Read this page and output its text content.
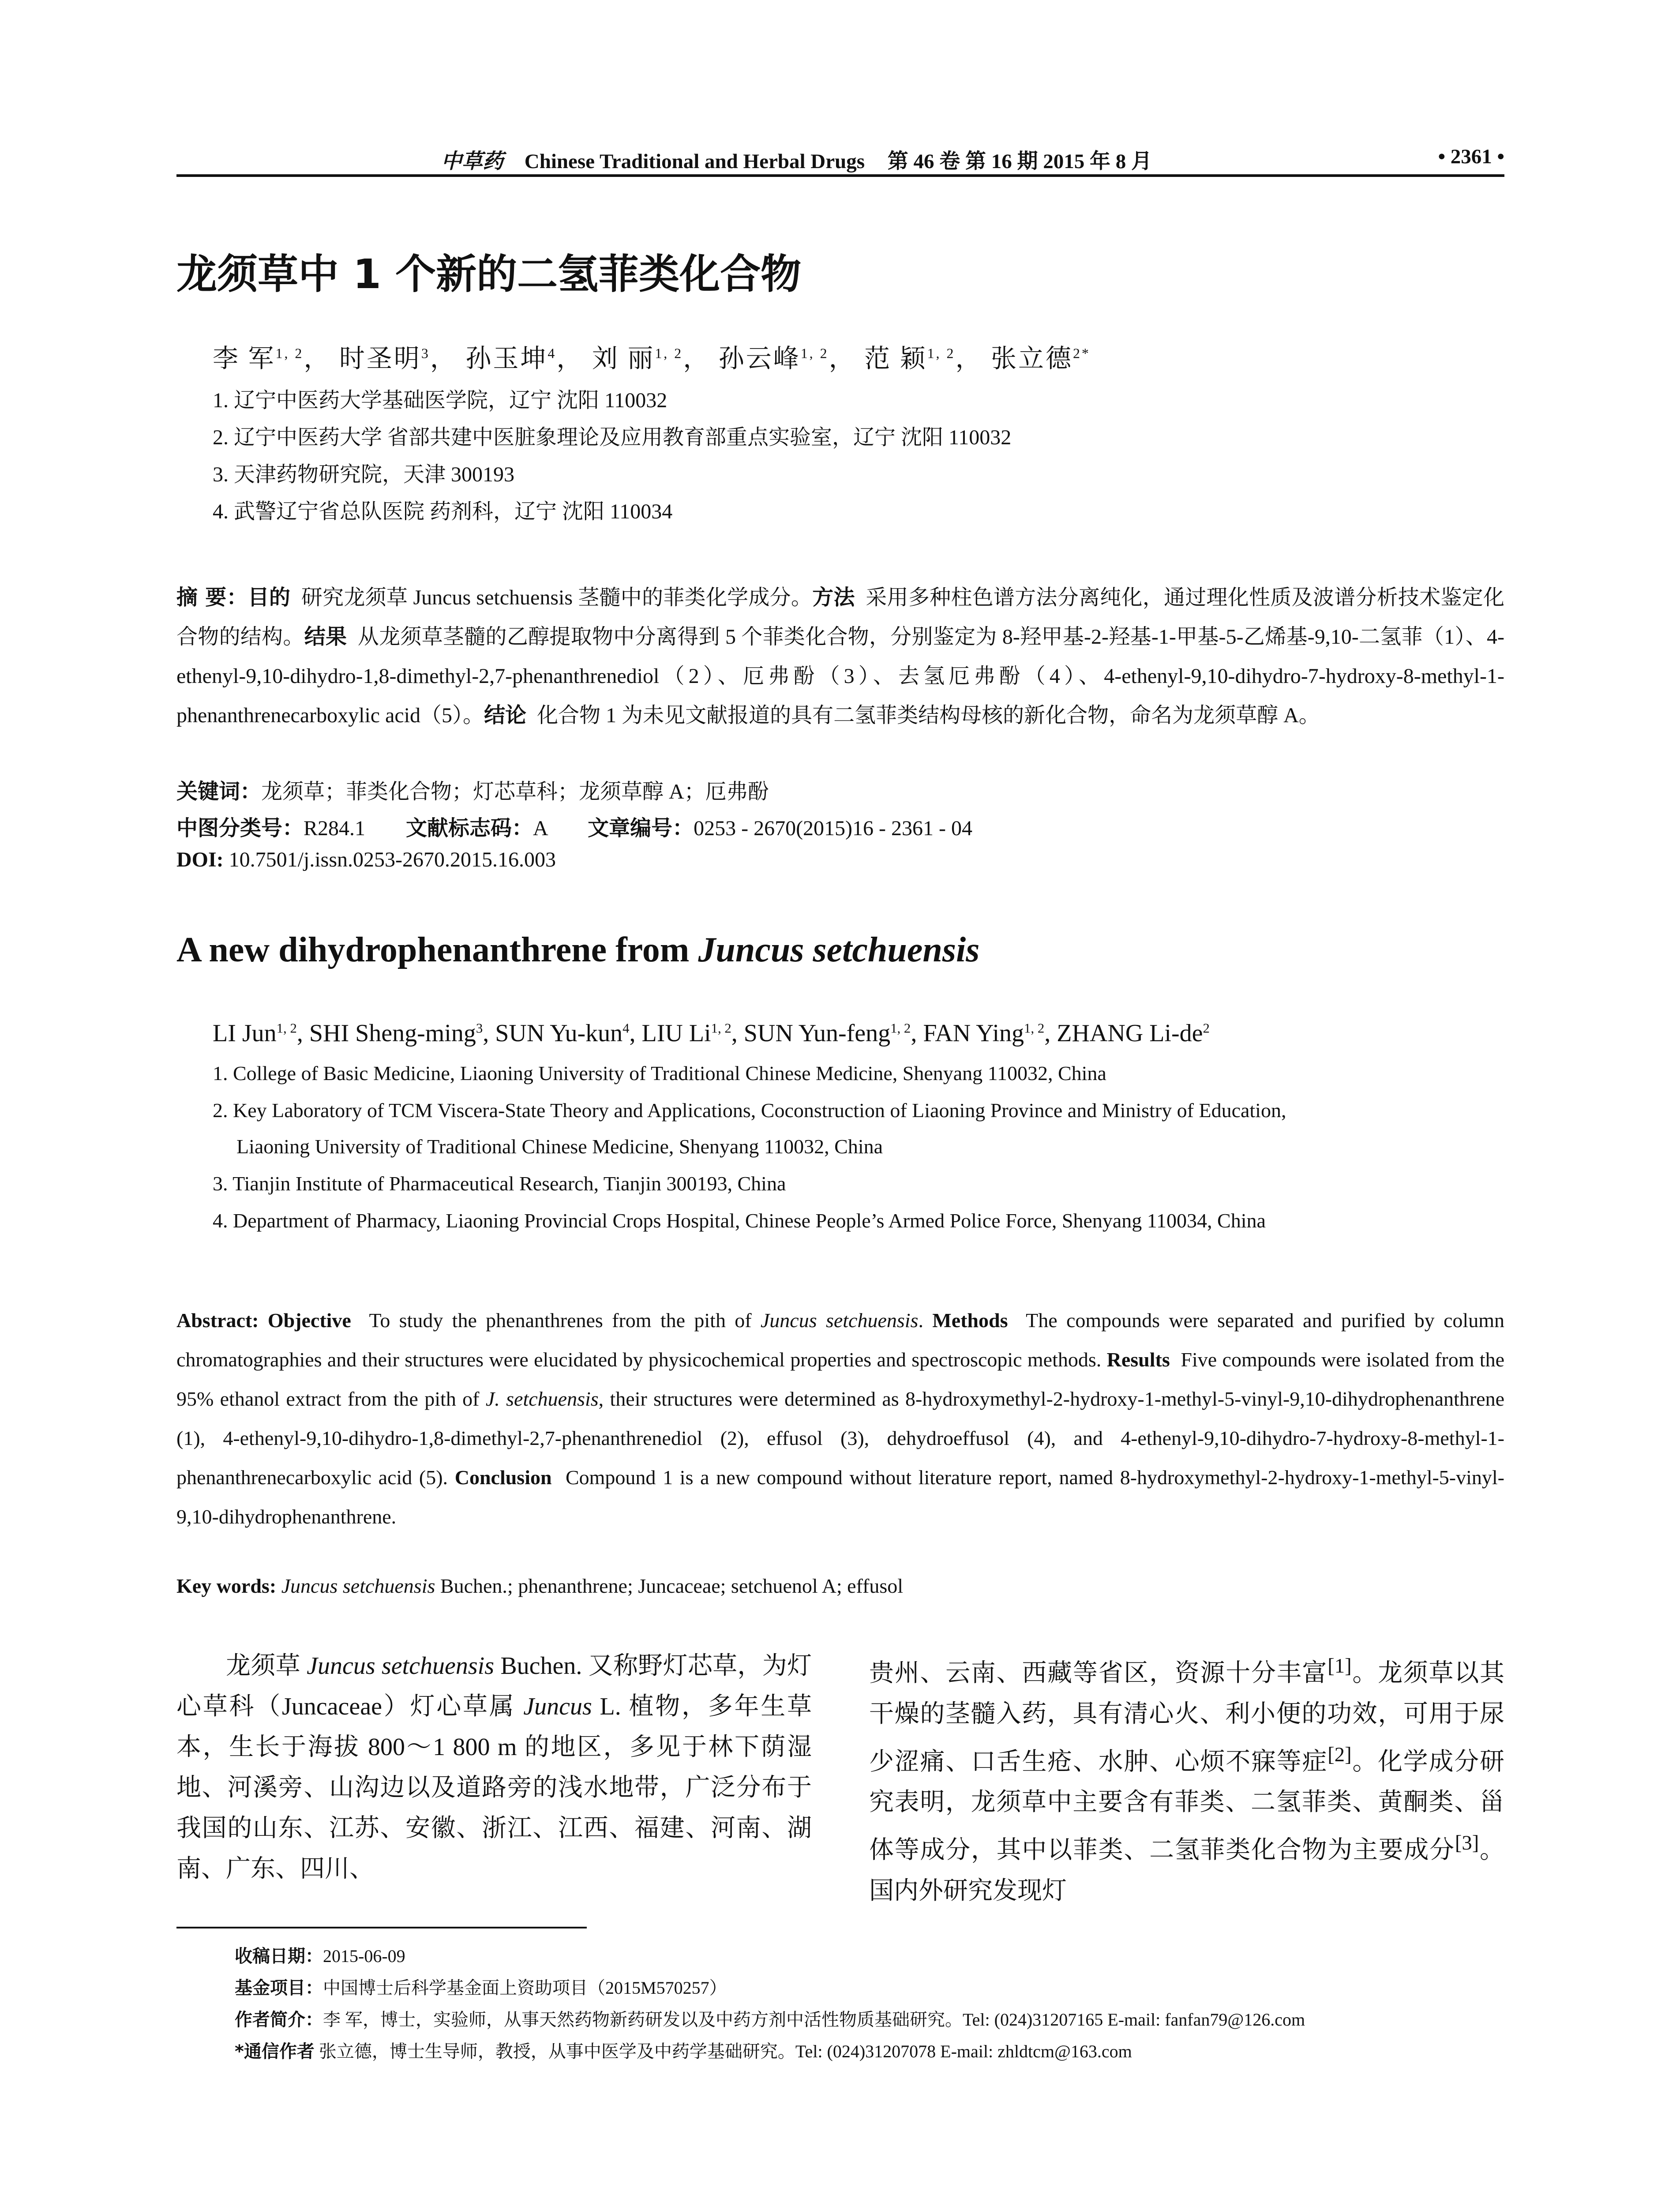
中草药 Chinese Traditional and Herbal Drugs 第 46 卷 第 16 期 2015 年 8 月	• 2361 •
龙须草中 1 个新的二氢菲类化合物
李 军$^{1, 2}$， 时圣明$^3$， 孙玉坤$^4$， 刘 丽$^{1, 2}$， 孙云峰$^{1, 2}$， 范 颖$^{1, 2}$， 张立德$^{2*}$
1. 辽宁中医药大学基础医学院，辽宁 沈阳 110032
2. 辽宁中医药大学 省部共建中医脏象理论及应用教育部重点实验室，辽宁 沈阳 110032
3. 天津药物研究院，天津 300193
4. 武警辽宁省总队医院 药剂科，辽宁 沈阳 110034

摘 要：目的 研究龙须草 Juncus setchuensis 茎髓中的菲类化学成分。方法 采用多种柱色谱方法分离纯化，通过理化性质及波谱分析技术鉴定化合物的结构。结果 从龙须草茎髓的乙醇提取物中分离得到 5 个菲类化合物，分别鉴定为 8-羟甲基-2-羟基-1-甲基-5-乙烯基-9,10-二氢菲（1）、4-ethenyl-9,10-dihydro-1,8-dimethyl-2,7-phenanthrenediol（2）、厄弗酚（3）、去氢厄弗酚（4）、4-ethenyl-9,10-dihydro-7-hydroxy-8-methyl-1-phenanthrenecarboxylic acid（5）。结论 化合物 1 为未见文献报道的具有二氢菲类结构母核的新化合物，命名为龙须草醇 A。

关键词：龙须草；菲类化合物；灯芯草科；龙须草醇 A；厄弗酚
中图分类号：R284.1 文献标志码：A 文章编号：0253 - 2670(2015)16 - 2361 - 04
DOI: 10.7501/j.issn.0253-2670.2015.16.003
A new dihydrophenanthrene from Juncus setchuensis
LI Jun$^{1, 2}$, SHI Sheng-ming$^3$, SUN Yu-kun$^4$, LIU Li$^{1, 2}$, SUN Yun-feng$^{1, 2}$, FAN Ying$^{1, 2}$, ZHANG $Li-de^2$
1. College of Basic Medicine, Liaoning University of Traditional Chinese Medicine, Shenyang 110032, China
2. Key Laboratory of TCM Viscera-State Theory and Applications, Coconstruction of Liaoning Province and Ministry of Education,
Liaoning University of Traditional Chinese Medicine, Shenyang 110032, China
3. Tianjin Institute of Pharmaceutical Research, Tianjin 300193, China
4. Department of Pharmacy, Liaoning Provincial Crops Hospital, Chinese People’s Armed Police Force, Shenyang 110034, China

Abstract: Objective To study the phenanthrenes from the pith of Juncus setchuensis. Methods The compounds were separated and purified by column chromatographies and their structures were elucidated by physicochemical properties and spectroscopic methods. Results Five compounds were isolated from the 95% ethanol extract from the pith of J. setchuensis, their structures were determined as 8-hydroxymethyl-2-hydroxy-1-methyl-5-vinyl-9,10-dihydrophenanthrene (1), 4-ethenyl-9,10-dihydro-1,8-dimethyl-2,7-phenanthrenediol (2), effusol (3), dehydroeffusol (4), and 4-ethenyl-9,10-dihydro-7-hydroxy-8-methyl-1-phenanthrenecarboxylic acid (5). Conclusion Compound 1 is a new compound without literature report, named 8-hydroxymethyl-2-hydroxy-1-methyl-5-vinyl-9,10-dihydrophenanthrene.

Key words: Juncus setchuensis Buchen.; phenanthrene; Juncaceae; setchuenol A; effusol

龙须草 Juncus setchuensis Buchen. 又称野灯芯草，为灯心草科（Juncaceae）灯心草属 Juncus L. 植物，多年生草本，生长于海拔 800～1 800 m 的地区，多见于林下荫湿地、河溪旁、山沟边以及道路旁的浅水地带，广泛分布于我国的山东、江苏、安徽、浙江、江西、福建、河南、湖南、广东、四川、

贵州、云南、西藏等省区，资源十分丰富[1]。龙须草以其干燥的茎髓入药，具有清心火、利小便的功效，可用于尿少涩痛、口舌生疮、水肿、心烦不寐等症[2]。化学成分研究表明，龙须草中主要含有菲类、二氢菲类、黄酮类、甾体等成分，其中以菲类、二氢菲类化合物为主要成分[3]。国内外研究发现灯

收稿日期：2015-06-09
基金项目：中国博士后科学基金面上资助项目（2015M570257）
作者简介：李 军，博士，实验师，从事天然药物新药研发以及中药方剂中活性物质基础研究。Tel: (024)31207165 E-mail: fanfan79@126.com
*通信作者 张立德，博士生导师，教授，从事中医学及中药学基础研究。Tel: (024)31207078 E-mail: zhldtcm@163.com
